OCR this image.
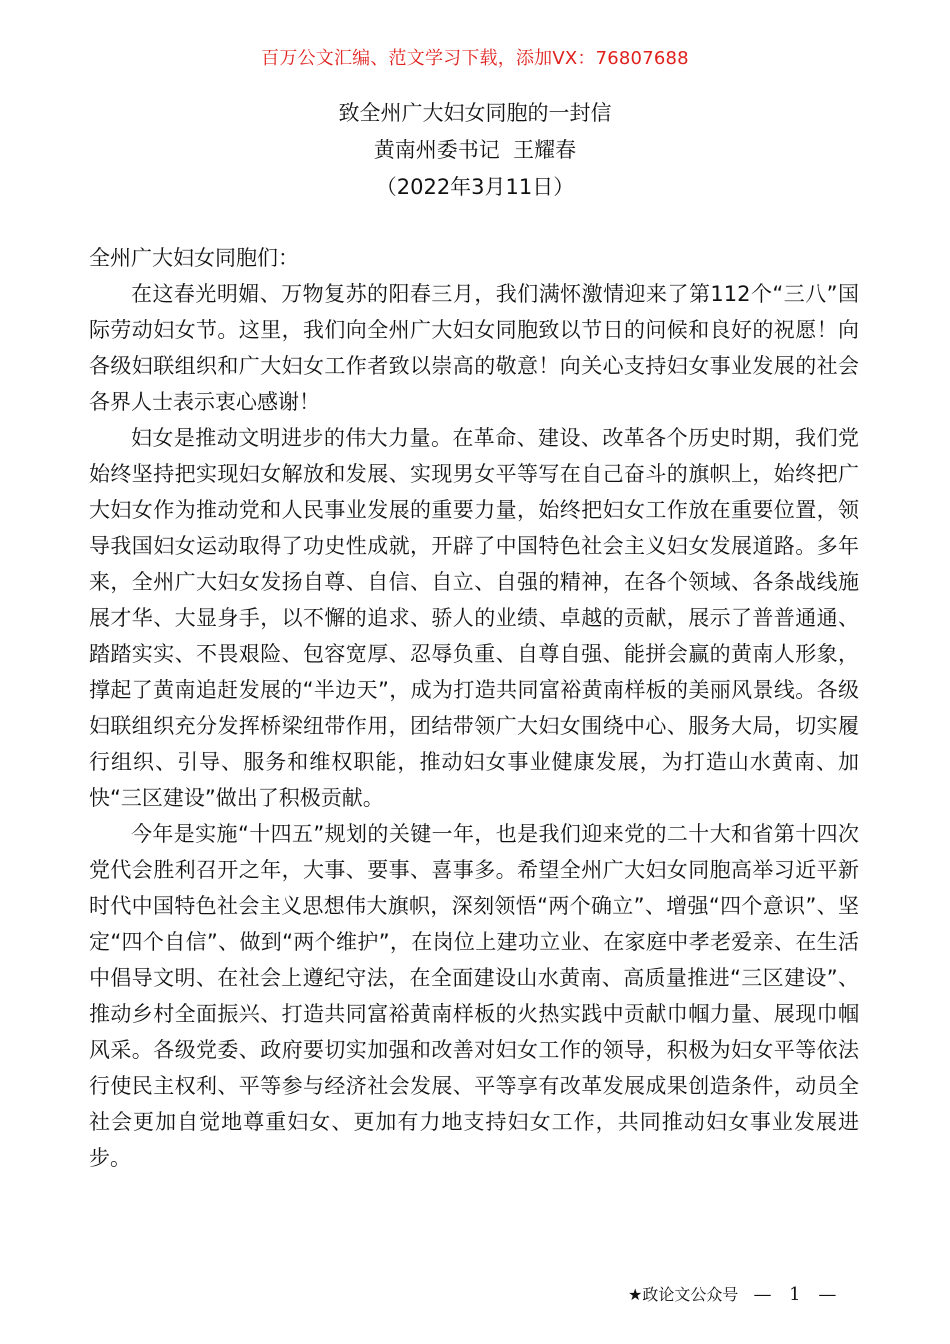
百万公文汇编、范文学习下载，添加VX：76807688
致全州广大妇女同胞的一封信
黄南州委书记  王耀春
（2022年3月11日）

全州广大妇女同胞们：

在这春光明媚、万物复苏的阳春三月，我们满怀激情迎来了第112个“三八”国际劳动妇女节。这里，我们向全州广大妇女同胞致以节日的问候和良好的祝愿！向各级妇联组织和广大妇女工作者致以崇高的敬意！向关心支持妇女事业发展的社会各界人士表示衷心感谢！

妇女是推动文明进步的伟大力量。在革命、建设、改革各个历史时期，我们党始终坚持把实现妇女解放和发展、实现男女平等写在自己奋斗的旗帜上，始终把广大妇女作为推动党和人民事业发展的重要力量，始终把妇女工作放在重要位置，领导我国妇女运动取得了功史性成就，开辟了中国特色社会主义妇女发展道路。多年来，全州广大妇女发扬自尊、自信、自立、自强的精神，在各个领域、各条战线施展才华、大显身手，以不懈的追求、骄人的业绩、卓越的贡献，展示了普普通通、踏踏实实、不畏艰险、包容宽厚、忍辱负重、自尊自强、能拼会赢的黄南人形象，撑起了黄南追赶发展的“半边天”，成为打造共同富裕黄南样板的美丽风景线。各级妇联组织充分发挥桥梁纽带作用，团结带领广大妇女围绕中心、服务大局，切实履行组织、引导、服务和维权职能，推动妇女事业健康发展，为打造山水黄南、加快“三区建设”做出了积极贡献。

今年是实施“十四五”规划的关键一年，也是我们迎来党的二十大和省第十四次党代会胜利召开之年，大事、要事、喜事多。希望全州广大妇女同胞高举习近平新时代中国特色社会主义思想伟大旗帜，深刻领悟“两个确立”、增强“四个意识”、坚定“四个自信”、做到“两个维护”，在岗位上建功立业、在家庭中孝老爱亲、在生活中倡导文明、在社会上遵纪守法，在全面建设山水黄南、高质量推进“三区建设”、推动乡村全面振兴、打造共同富裕黄南样板的火热实践中贡献巾帼力量、展现巾帼风采。各级党委、政府要切实加强和改善对妇女工作的领导，积极为妇女平等依法行使民主权利、平等参与经济社会发展、平等享有改革发展成果创造条件，动员全社会更加自觉地尊重妇女、更加有力地支持妇女工作，共同推动妇女事业发展进步。

★政论文公众号 — 1 —
